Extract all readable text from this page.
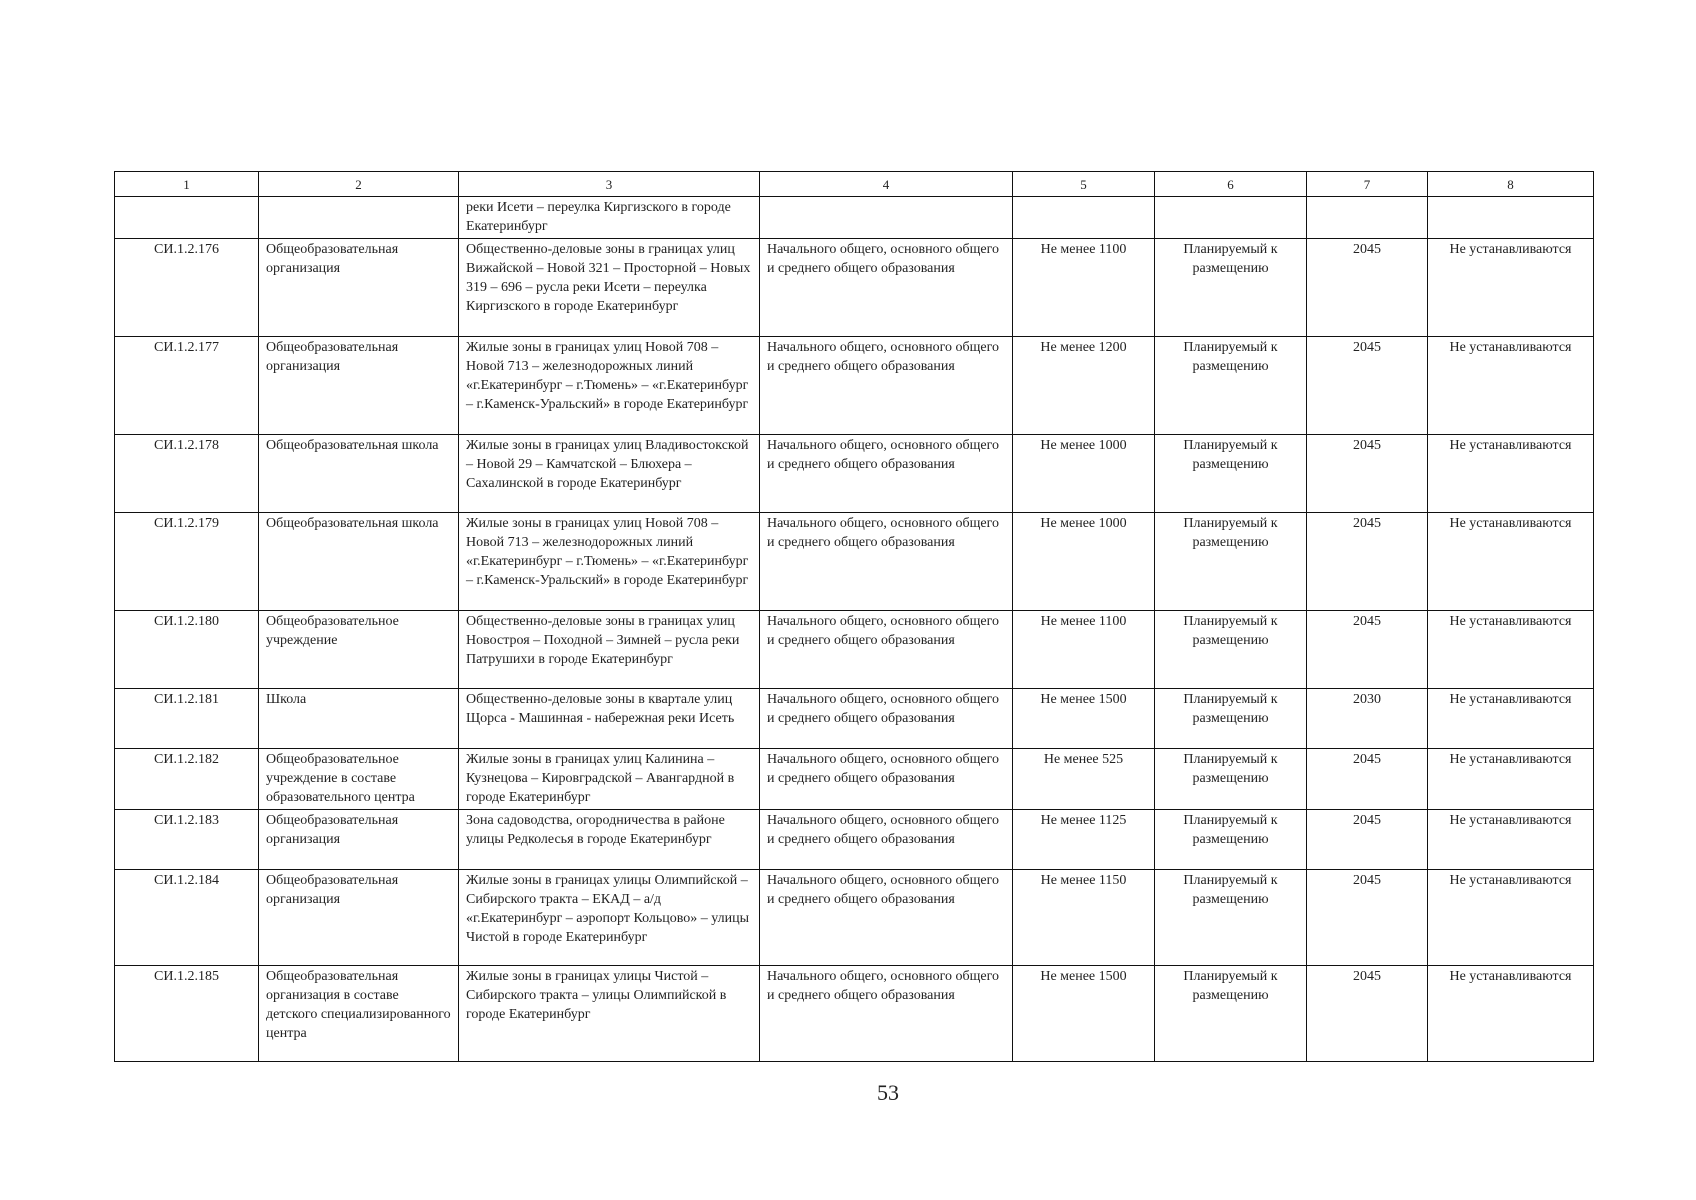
1	2	3	4	5	6	7	8
		реки Исети – переулка Киргизского в городе Екатеринбург					
СИ.1.2.176	Общеобразовательная организация	Общественно-деловые зоны в границах улиц Вижайской – Новой 321 – Просторной – Новых 319 – 696 – русла реки Исети – переулка Киргизского в городе Екатеринбург	Начального общего, основного общего и среднего общего образования	Не менее 1100	Планируемый к размещению	2045	Не устанавливаются
СИ.1.2.177	Общеобразовательная организация	Жилые зоны в границах улиц Новой 708 – Новой 713 – железнодорожных линий «г.Екатеринбург – г.Тюмень» – «г.Екатеринбург – г.Каменск-Уральский» в городе Екатеринбург	Начального общего, основного общего и среднего общего образования	Не менее 1200	Планируемый к размещению	2045	Не устанавливаются
СИ.1.2.178	Общеобразовательная школа	Жилые зоны в границах улиц Владивостокской – Новой 29 – Камчатской – Блюхера – Сахалинской в городе Екатеринбург	Начального общего, основного общего и среднего общего образования	Не менее 1000	Планируемый к размещению	2045	Не устанавливаются
СИ.1.2.179	Общеобразовательная школа	Жилые зоны в границах улиц Новой 708 – Новой 713 – железнодорожных линий «г.Екатеринбург – г.Тюмень» – «г.Екатеринбург – г.Каменск-Уральский» в городе Екатеринбург	Начального общего, основного общего и среднего общего образования	Не менее 1000	Планируемый к размещению	2045	Не устанавливаются
СИ.1.2.180	Общеобразовательное учреждение	Общественно-деловые зоны в границах улиц Новостроя – Походной – Зимней – русла реки Патрушихи в городе Екатеринбург	Начального общего, основного общего и среднего общего образования	Не менее 1100	Планируемый к размещению	2045	Не устанавливаются
СИ.1.2.181	Школа	Общественно-деловые зоны в квартале улиц Щорса - Машинная - набережная реки Исеть	Начального общего, основного общего и среднего общего образования	Не менее 1500	Планируемый к размещению	2030	Не устанавливаются
СИ.1.2.182	Общеобразовательное учреждение в составе образовательного центра	Жилые зоны в границах улиц Калинина – Кузнецова – Кировградской – Авангардной в городе Екатеринбург	Начального общего, основного общего и среднего общего образования	Не менее 525	Планируемый к размещению	2045	Не устанавливаются
СИ.1.2.183	Общеобразовательная организация	Зона садоводства, огородничества в районе улицы Редколесья в городе Екатеринбург	Начального общего, основного общего и среднего общего образования	Не менее 1125	Планируемый к размещению	2045	Не устанавливаются
СИ.1.2.184	Общеобразовательная организация	Жилые зоны в границах улицы Олимпийской – Сибирского тракта – ЕКАД – а/д «г.Екатеринбург – аэропорт Кольцово» – улицы Чистой в городе Екатеринбург	Начального общего, основного общего и среднего общего образования	Не менее 1150	Планируемый к размещению	2045	Не устанавливаются
СИ.1.2.185	Общеобразовательная организация в составе детского специализированного центра	Жилые зоны в границах улицы Чистой – Сибирского тракта – улицы Олимпийской в городе Екатеринбург	Начального общего, основного общего и среднего общего образования	Не менее 1500	Планируемый к размещению	2045	Не устанавливаются
53
